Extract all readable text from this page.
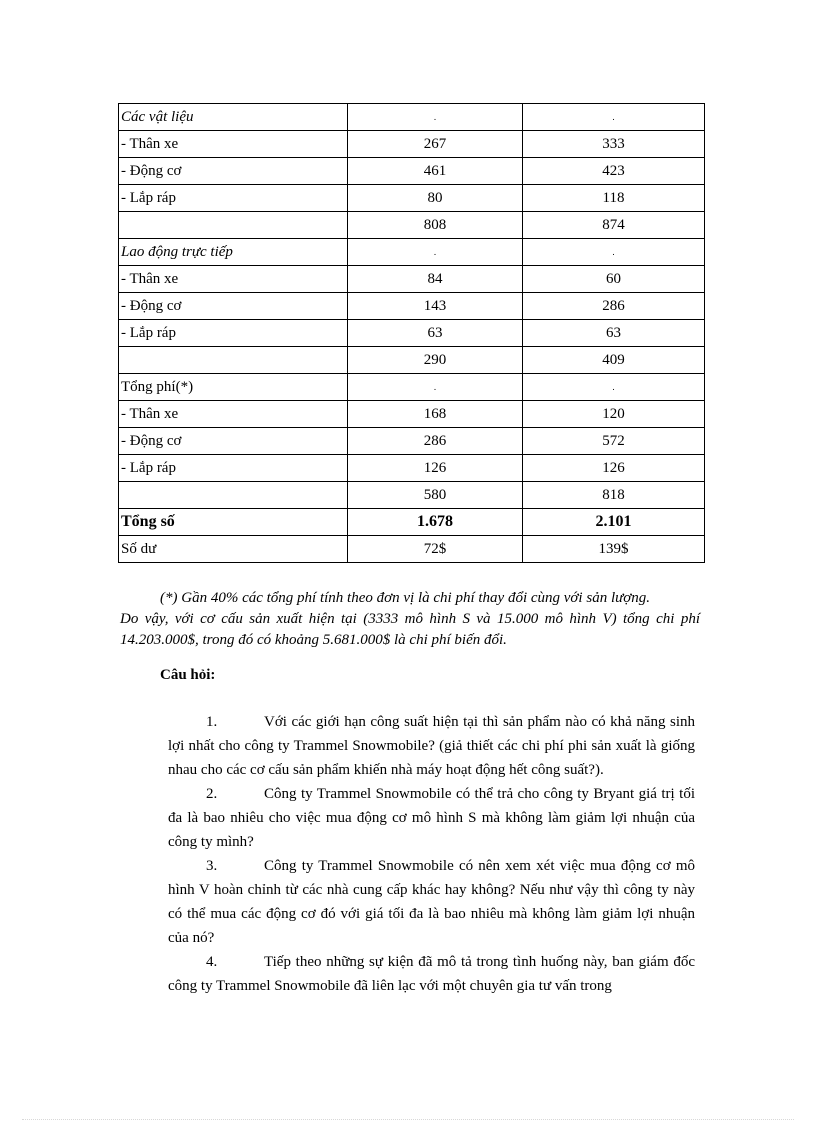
Các vật liệu	.	.
- Thân xe	267	333
- Động cơ	461	423
- Lắp ráp	80	118
	808	874
Lao động trực tiếp	.	.
- Thân xe	84	60
- Động cơ	143	286
- Lắp ráp	63	63
	290	409
Tổng phí(*)	.	.
- Thân xe	168	120
- Động cơ	286	572
- Lắp ráp	126	126
	580	818
Tổng số	1.678	2.101
Số dư	72$	139$
(*) Gần 40% các tổng phí tính theo đơn vị là chi phí thay đổi cùng với sản lượng.
Do vậy, với cơ cấu sản xuất hiện tại (3333 mô hình S và 15.000 mô hình V) tổng chi phí 14.203.000$, trong đó có khoảng 5.681.000$ là chi phí biến đổi.
Câu hỏi:

1.	Với các giới hạn công suất hiện tại thì sản phẩm nào có khả năng sinh lợi nhất cho công ty Trammel Snowmobile? (giả thiết các chi phí phi sản xuất là giống nhau cho các cơ cấu sản phẩm khiến nhà máy hoạt động hết công suất?).

2.	Công ty Trammel Snowmobile có thể trả cho công ty Bryant giá trị tối đa là bao nhiêu cho việc mua động cơ mô hình S mà không làm giảm lợi nhuận của công ty mình?

3.	Công ty Trammel Snowmobile có nên xem xét việc mua động cơ mô hình V hoàn chỉnh từ các nhà cung cấp khác hay không? Nếu như vậy thì công ty này có thể mua các động cơ đó với giá tối đa là bao nhiêu mà không làm giảm lợi nhuận của nó?

4.	Tiếp theo những sự kiện đã mô tả trong tình huống này, ban giám đốc công ty Trammel Snowmobile đã liên lạc với một chuyên gia tư vấn trong
